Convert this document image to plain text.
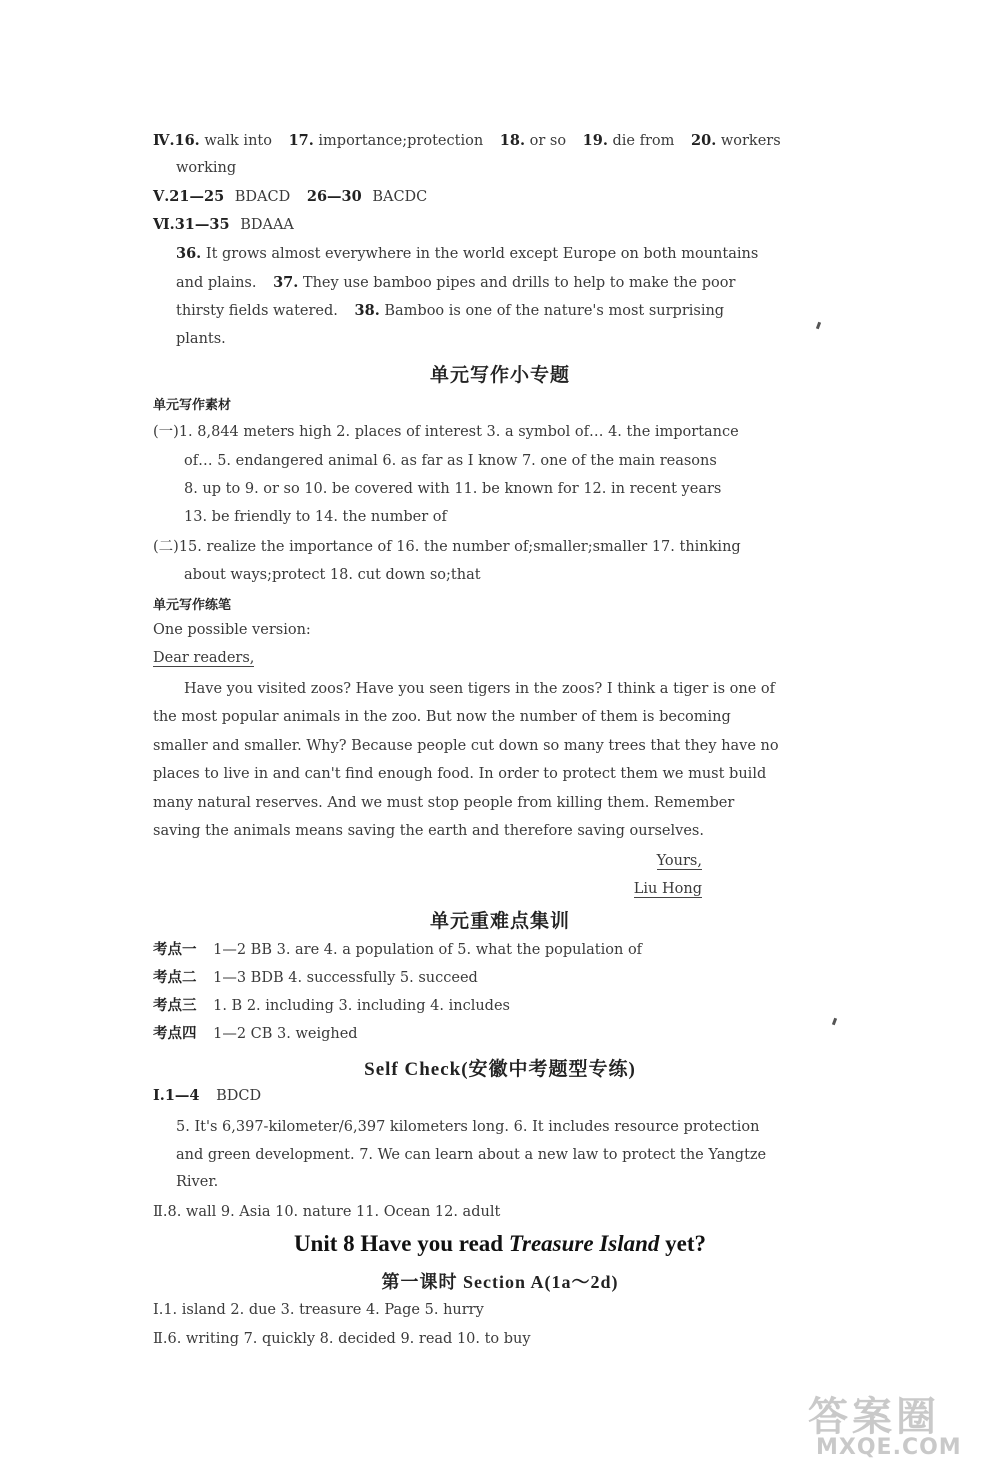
Ⅳ.16. walk into 17. importance;protection 18. or so 19. die from 20. workers
working
Ⅴ.21—25 BDACD 26—30 BACDC
Ⅵ.31—35 BDAAA
36. It grows almost everywhere in the world except Europe on both mountains
and plains. 37. They use bamboo pipes and drills to help to make the poor
thirsty fields watered. 38. Bamboo is one of the nature's most surprising
plants.
单元写作小专题
单元写作素材
(一)1. 8,844 meters high 2. places of interest 3. a symbol of… 4. the importance
of… 5. endangered animal 6. as far as I know 7. one of the main reasons
8. up to 9. or so 10. be covered with 11. be known for 12. in recent years
13. be friendly to 14. the number of
(二)15. realize the importance of 16. the number of;smaller;smaller 17. thinking
about ways;protect 18. cut down so;that
单元写作练笔
One possible version:
Dear readers,
Have you visited zoos? Have you seen tigers in the zoos? I think a tiger is one of
the most popular animals in the zoo. But now the number of them is becoming
smaller and smaller. Why? Because people cut down so many trees that they have no
places to live in and can't find enough food. In order to protect them we must build
many natural reserves. And we must stop people from killing them. Remember
saving the animals means saving the earth and therefore saving ourselves.
Yours,
Liu Hong
单元重难点集训
考点一 1—2 BB 3. are 4. a population of 5. what the population of
考点二 1—3 BDB 4. successfully 5. succeed
考点三 1. B 2. including 3. including 4. includes
考点四 1—2 CB 3. weighed
Self Check(安徽中考题型专练)
Ⅰ.1—4 BDCD
5. It's 6,397-kilometer/6,397 kilometers long. 6. It includes resource protection
and green development. 7. We can learn about a new law to protect the Yangtze
River.
Ⅱ.8. wall 9. Asia 10. nature 11. Ocean 12. adult
Unit 8 Have you read Treasure Island yet?
第一课时 Section A(1a～2d)
Ⅰ.1. island 2. due 3. treasure 4. Page 5. hurry
Ⅱ.6. writing 7. quickly 8. decided 9. read 10. to buy
答案圈
MXQE.COM
